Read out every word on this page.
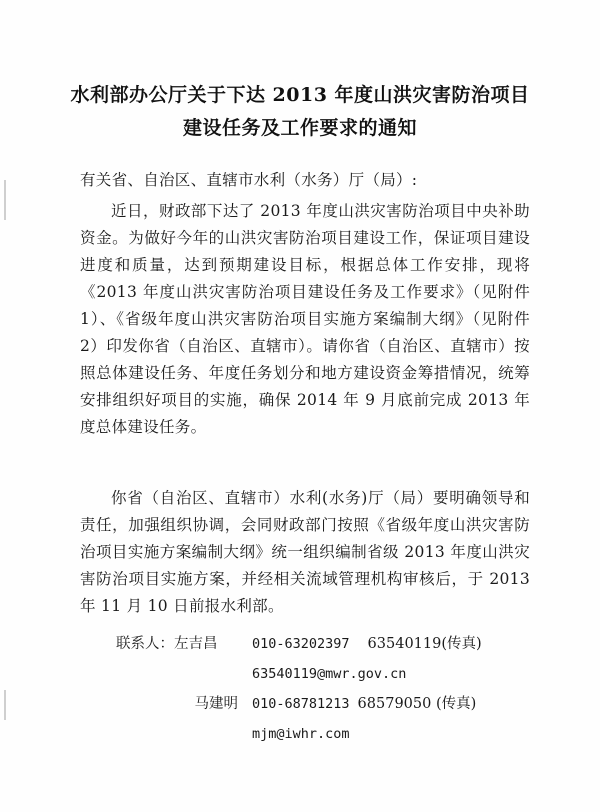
水利部办公厅关于下达 2013 年度山洪灾害防治项目
建设任务及工作要求的通知
有关省、自治区、直辖市水利（水务）厅（局）:
近日，财政部下达了 2013 年度山洪灾害防治项目中央补助资金。为做好今年的山洪灾害防治项目建设工作，保证项目建设进度和质量，达到预期建设目标，根据总体工作安排，现将《2013 年度山洪灾害防治项目建设任务及工作要求》（见附件 1）、《省级年度山洪灾害防治项目实施方案编制大纲》（见附件 2）印发你省（自治区、直辖市）。请你省（自治区、直辖市）按照总体建设任务、年度任务划分和地方建设资金筹措情况，统筹安排组织好项目的实施，确保 2014 年 9 月底前完成 2013 年度总体建设任务。
你省（自治区、直辖市）水利(水务)厅（局）要明确领导和责任，加强组织协调，会同财政部门按照《省级年度山洪灾害防治项目实施方案编制大纲》统一组织编制省级 2013 年度山洪灾害防治项目实施方案，并经相关流域管理机构审核后，于 2013 年 11 月 10 日前报水利部。
联系人：左吉昌	010-63202397 63540119(传真)
63540119@mwr.gov.cn
马建明	010-68781213 68579050 (传真)
mjm@iwhr.com
